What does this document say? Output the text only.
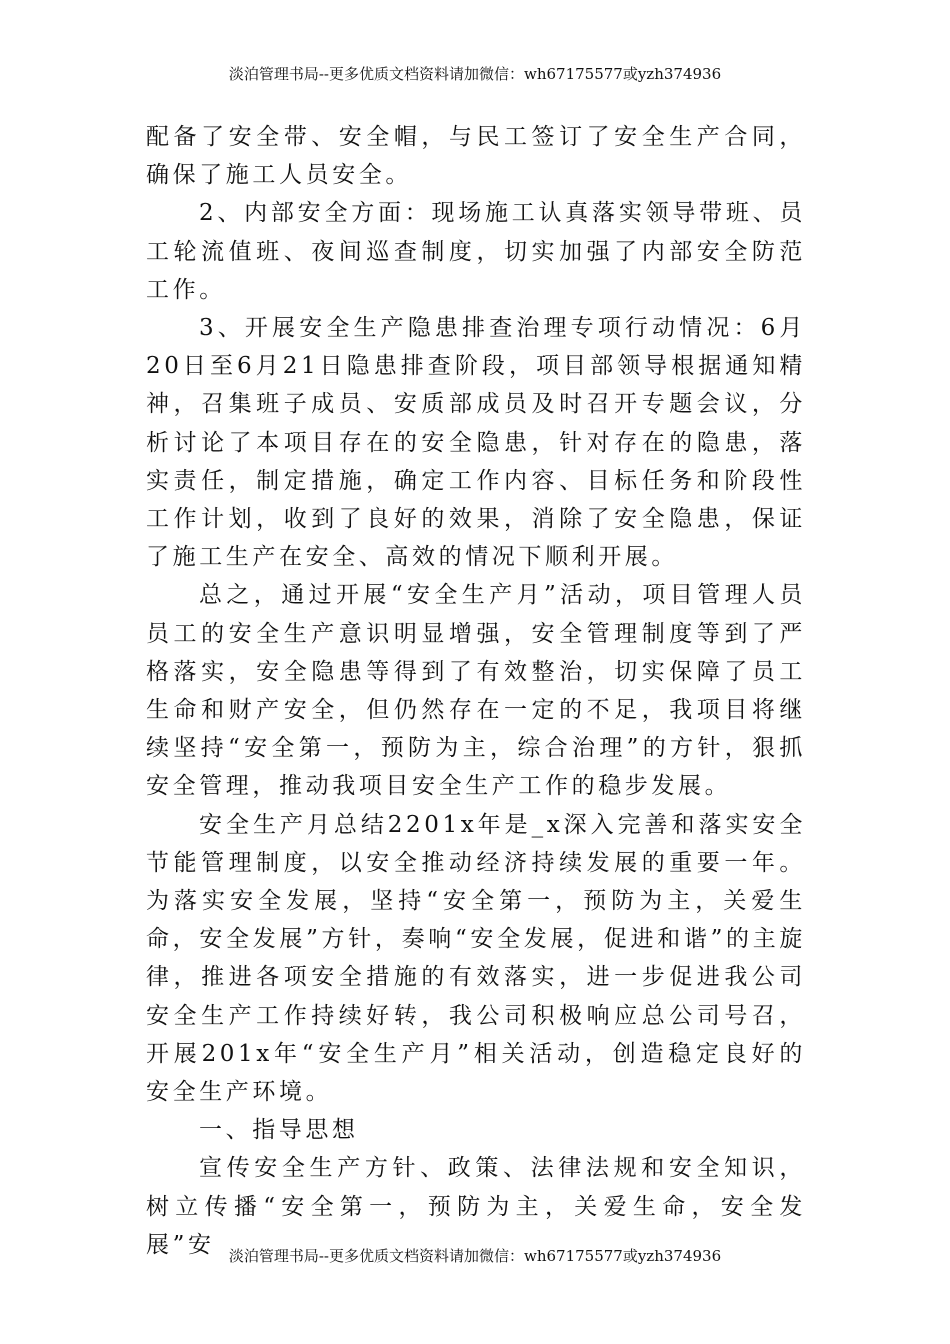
淡泊管理书局--更多优质文档资料请加微信：wh67175577或yzh374936

配备了安全带、安全帽，与民工签订了安全生产合同，确保了施工人员安全。

2、内部安全方面：现场施工认真落实领导带班、员工轮流值班、夜间巡查制度，切实加强了内部安全防范工作。

3、开展安全生产隐患排查治理专项行动情况：6月20日至6月21日隐患排查阶段，项目部领导根据通知精神，召集班子成员、安质部成员及时召开专题会议，分析讨论了本项目存在的安全隐患，针对存在的隐患，落实责任，制定措施，确定工作内容、目标任务和阶段性工作计划，收到了良好的效果，消除了安全隐患，保证了施工生产在安全、高效的情况下顺利开展。

总之，通过开展“安全生产月”活动，项目管理人员员工的安全生产意识明显增强，安全管理制度等到了严格落实，安全隐患等得到了有效整治，切实保障了员工生命和财产安全，但仍然存在一定的不足，我项目将继续坚持“安全第一，预防为主，综合治理”的方针，狠抓安全管理，推动我项目安全生产工作的稳步发展。

安全生产月总结2201x年是_x深入完善和落实安全节能管理制度，以安全推动经济持续发展的重要一年。为落实安全发展，坚持“安全第一，预防为主，关爱生命，安全发展”方针，奏响“安全发展，促进和谐”的主旋律，推进各项安全措施的有效落实，进一步促进我公司安全生产工作持续好转，我公司积极响应总公司号召，开展201x年“安全生产月”相关活动，创造稳定良好的安全生产环境。

一、指导思想

宣传安全生产方针、政策、法律法规和安全知识，树立传播“安全第一，预防为主，关爱生命，安全发展”安 淡泊管理书局--更多优质文档资料请加微信：wh67175577或yzh374936
